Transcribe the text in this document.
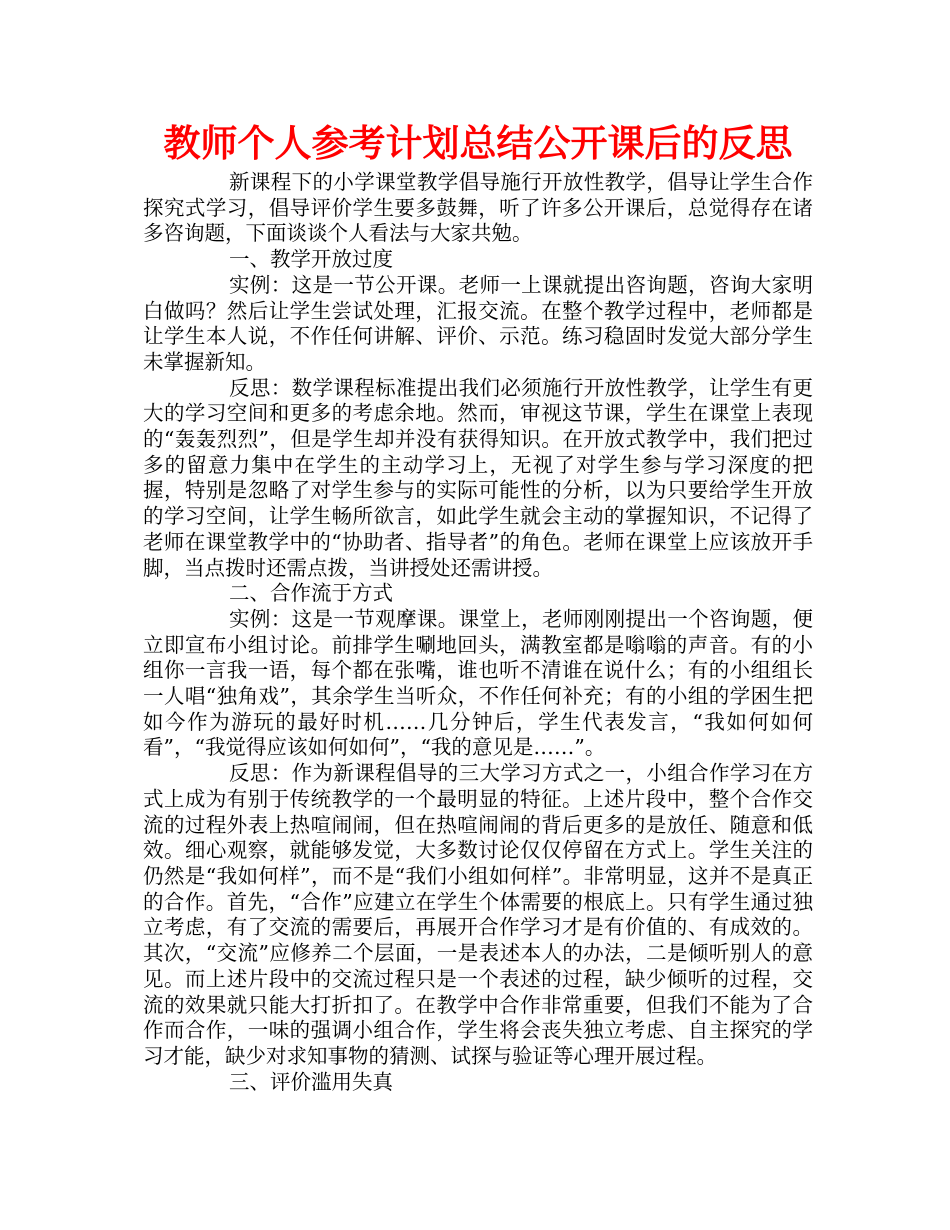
教师个人参考计划总结公开课后的反思

新课程下的小学课堂教学倡导施行开放性教学，倡导让学生合作探究式学习，倡导评价学生要多鼓舞，听了许多公开课后，总觉得存在诸多咨询题，下面谈谈个人看法与大家共勉。

一、教学开放过度

实例：这是一节公开课。老师一上课就提出咨询题，咨询大家明白做吗？然后让学生尝试处理，汇报交流。在整个教学过程中，老师都是让学生本人说，不作任何讲解、评价、示范。练习稳固时发觉大部分学生未掌握新知。

反思：数学课程标准提出我们必须施行开放性教学，让学生有更大的学习空间和更多的考虑余地。然而，审视这节课，学生在课堂上表现的“轰轰烈烈”，但是学生却并没有获得知识。在开放式教学中，我们把过多的留意力集中在学生的主动学习上，无视了对学生参与学习深度的把握，特别是忽略了对学生参与的实际可能性的分析，以为只要给学生开放的学习空间，让学生畅所欲言，如此学生就会主动的掌握知识，不记得了老师在课堂教学中的“协助者、指导者”的角色。老师在课堂上应该放开手脚，当点拨时还需点拨，当讲授处还需讲授。

二、合作流于方式

实例：这是一节观摩课。课堂上，老师刚刚提出一个咨询题，便立即宣布小组讨论。前排学生唰地回头，满教室都是嗡嗡的声音。有的小组你一言我一语，每个都在张嘴，谁也听不清谁在说什么；有的小组组长一人唱“独角戏”，其余学生当听众，不作任何补充；有的小组的学困生把如今作为游玩的最好时机……几分钟后，学生代表发言，“我如何如何看”，“我觉得应该如何如何”，“我的意见是……”。

反思：作为新课程倡导的三大学习方式之一，小组合作学习在方式上成为有别于传统教学的一个最明显的特征。上述片段中，整个合作交流的过程外表上热喧闹闹，但在热喧闹闹的背后更多的是放任、随意和低效。细心观察，就能够发觉，大多数讨论仅仅停留在方式上。学生关注的仍然是“我如何样”，而不是“我们小组如何样”。非常明显，这并不是真正的合作。首先，“合作”应建立在学生个体需要的根底上。只有学生通过独立考虑，有了交流的需要后，再展开合作学习才是有价值的、有成效的。其次，“交流”应修养二个层面，一是表述本人的办法，二是倾听别人的意见。而上述片段中的交流过程只是一个表述的过程，缺少倾听的过程，交流的效果就只能大打折扣了。在教学中合作非常重要，但我们不能为了合作而合作，一味的强调小组合作，学生将会丧失独立考虑、自主探究的学习才能，缺少对求知事物的猜测、试探与验证等心理开展过程。

三、评价滥用失真
